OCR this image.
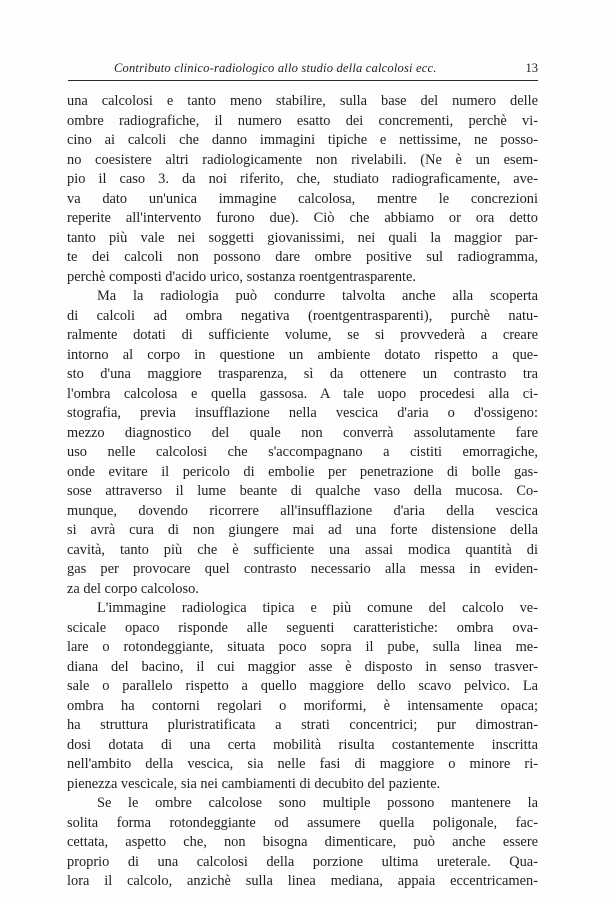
Contributo clinico-radiologico allo studio della calcolosi ecc.	13
una calcolosi e tanto meno stabilire, sulla base del numero delle
ombre radiografiche, il numero esatto dei concrementi, perchè vi-
cino ai calcoli che danno immagini tipiche e nettissime, ne posso-
no coesistere altri radiologicamente non rivelabili. (Ne è un esem-
pio il caso 3. da noi riferito, che, studiato radiograficamente, ave-
va dato un'unica immagine calcolosa, mentre le concrezioni
reperite all'intervento furono due). Ciò che abbiamo or ora detto
tanto più vale nei soggetti giovanissimi, nei quali la maggior par-
te dei calcoli non possono dare ombre positive sul radiogramma,
perchè composti d'acido urico, sostanza roentgentrasparente.
Ma la radiologia può condurre talvolta anche alla scoperta
di calcoli ad ombra negativa (roentgentrasparenti), purchè natu-
ralmente dotati di sufficiente volume, se si provvederà a creare
intorno al corpo in questione un ambiente dotato rispetto a que-
sto d'una maggiore trasparenza, sì da ottenere un contrasto tra
l'ombra calcolosa e quella gassosa. A tale uopo procedesi alla ci-
stografia, previa insufflazione nella vescica d'aria o d'ossigeno:
mezzo diagnostico del quale non converrà assolutamente fare
uso nelle calcolosi che s'accompagnano a cistiti emorragiche,
onde evitare il pericolo di embolie per penetrazione di bolle gas-
sose attraverso il lume beante di qualche vaso della mucosa. Co-
munque, dovendo ricorrere all'insufflazione d'aria della vescica
si avrà cura di non giungere mai ad una forte distensione della
cavità, tanto più che è sufficiente una assai modica quantità di
gas per provocare quel contrasto necessario alla messa in eviden-
za del corpo calcoloso.
L'immagine radiologica tipica e più comune del calcolo ve-
scicale opaco risponde alle seguenti caratteristiche: ombra ova-
lare o rotondeggiante, situata poco sopra il pube, sulla linea me-
diana del bacino, il cui maggior asse è disposto in senso trasver-
sale o parallelo rispetto a quello maggiore dello scavo pelvico. La
ombra ha contorni regolari o moriformi, è intensamente opaca;
ha struttura pluristratificata a strati concentrici; pur dimostran-
dosi dotata di una certa mobilità risulta costantemente inscritta
nell'ambito della vescica, sia nelle fasi di maggiore o minore ri-
pienezza vescicale, sia nei cambiamenti di decubito del paziente.
Se le ombre calcolose sono multiple possono mantenere la
solita forma rotondeggiante od assumere quella poligonale, fac-
cettata, aspetto che, non bisogna dimenticare, può anche essere
proprio di una calcolosi della porzione ultima ureterale. Qua-
lora il calcolo, anzichè sulla linea mediana, appaia eccentricamen-
